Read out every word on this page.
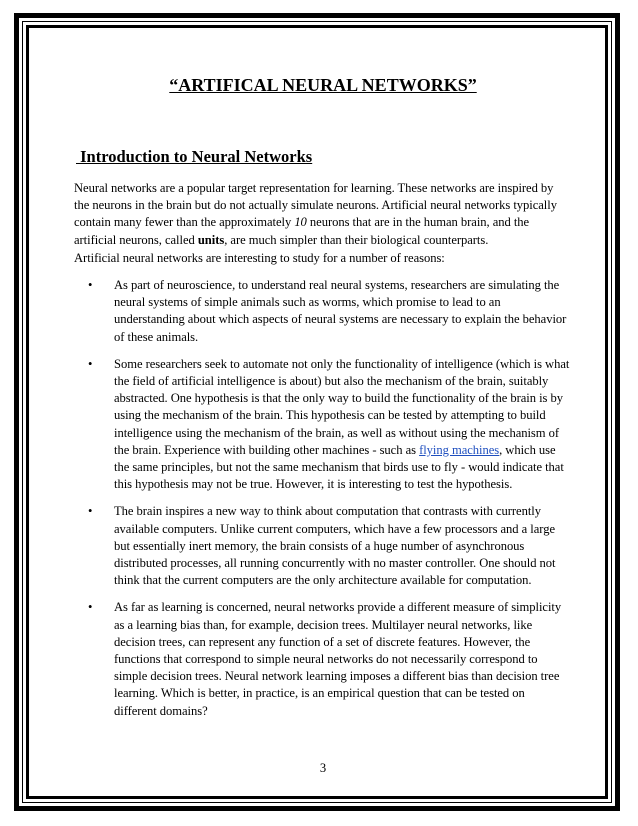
“ARTIFICAL NEURAL NETWORKS”
Introduction to Neural Networks
Neural networks are a popular target representation for learning. These networks are inspired by the neurons in the brain but do not actually simulate neurons. Artificial neural networks typically contain many fewer than the approximately 10 neurons that are in the human brain, and the artificial neurons, called units, are much simpler than their biological counterparts.
Artificial neural networks are interesting to study for a number of reasons:
• As part of neuroscience, to understand real neural systems, researchers are simulating the neural systems of simple animals such as worms, which promise to lead to an understanding about which aspects of neural systems are necessary to explain the behavior of these animals.
• Some researchers seek to automate not only the functionality of intelligence (which is what the field of artificial intelligence is about) but also the mechanism of the brain, suitably abstracted. One hypothesis is that the only way to build the functionality of the brain is by using the mechanism of the brain. This hypothesis can be tested by attempting to build intelligence using the mechanism of the brain, as well as without using the mechanism of the brain. Experience with building other machines - such as flying machines, which use the same principles, but not the same mechanism that birds use to fly - would indicate that this hypothesis may not be true. However, it is interesting to test the hypothesis.
• The brain inspires a new way to think about computation that contrasts with currently available computers. Unlike current computers, which have a few processors and a large but essentially inert memory, the brain consists of a huge number of asynchronous distributed processes, all running concurrently with no master controller. One should not think that the current computers are the only architecture available for computation.
• As far as learning is concerned, neural networks provide a different measure of simplicity as a learning bias than, for example, decision trees. Multilayer neural networks, like decision trees, can represent any function of a set of discrete features. However, the functions that correspond to simple neural networks do not necessarily correspond to simple decision trees. Neural network learning imposes a different bias than decision tree learning. Which is better, in practice, is an empirical question that can be tested on different domains?
3
